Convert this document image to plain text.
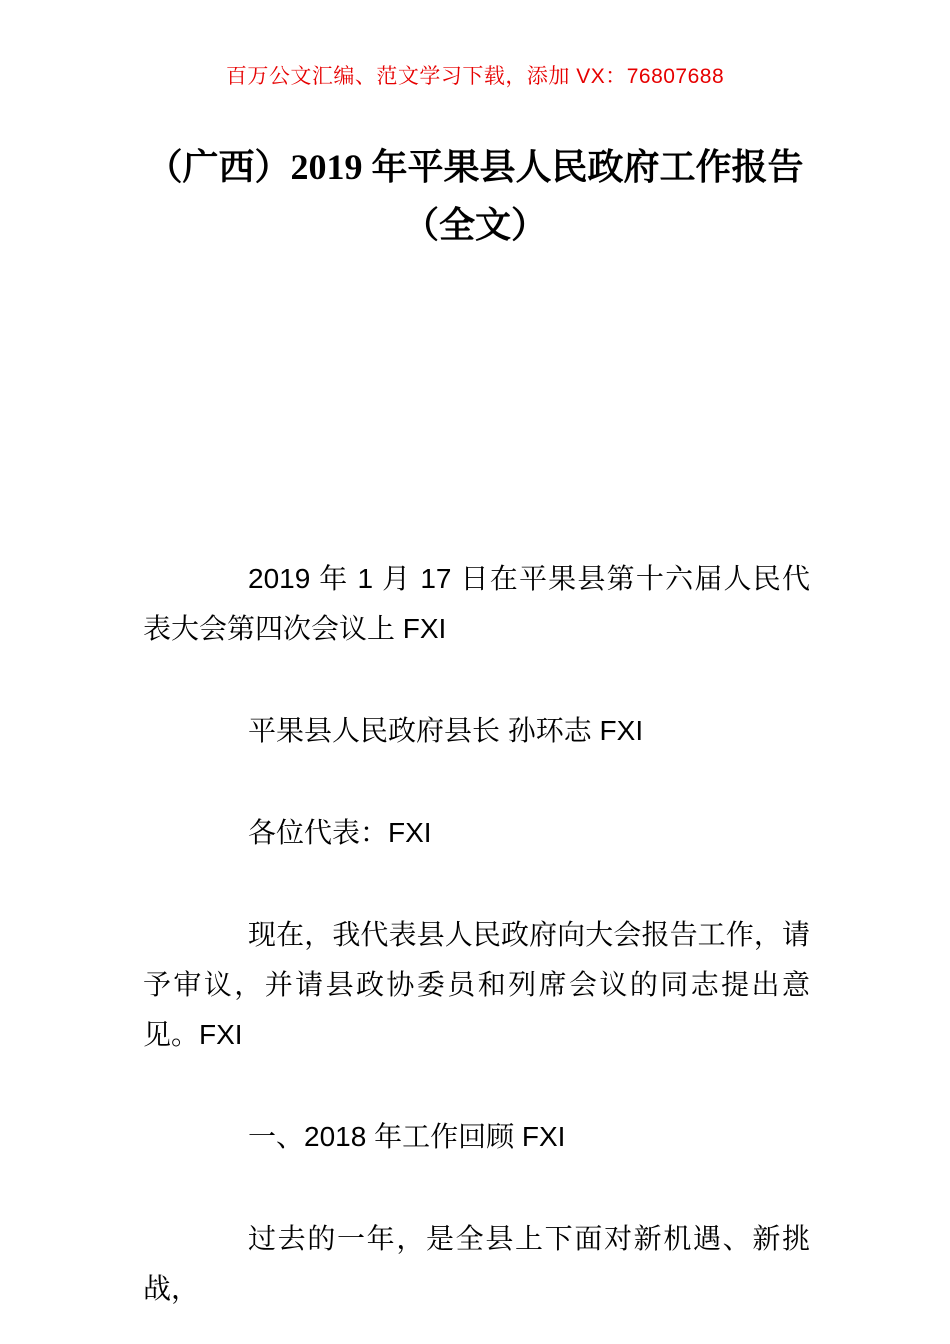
百万公文汇编、范文学习下载，添加 VX：76807688

（广西）2019 年平果县人民政府工作报告
（全文）

2019 年 1 月 17 日在平果县第十六届人民代表大会第四次会议上 FXI

平果县人民政府县长 孙环志 FXI

各位代表：FXI

现在，我代表县人民政府向大会报告工作，请予审议，并请县政协委员和列席会议的同志提出意见。FXI

一、2018 年工作回顾 FXI

过去的一年，是全县上下面对新机遇、新挑战，
